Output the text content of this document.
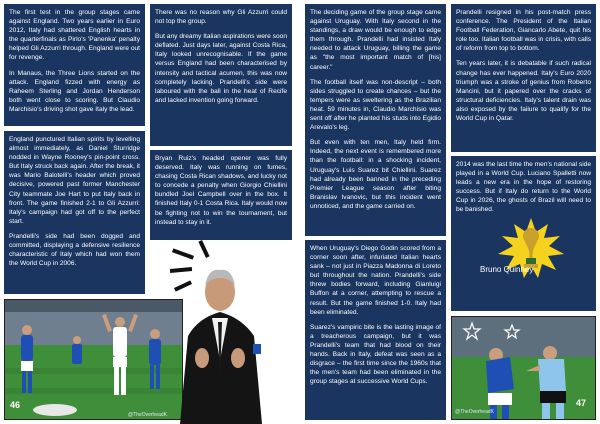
The first test in the group stages came against England. Two years earlier in Euro 2012, Italy had shattered English hearts in the quarterfinals as Pirlo's 'Panenka' penalty helped Gli Azzurri through. England were out for revenge.

In Manaus, the Three Lions started on the attack. England fizzed with energy as Raheem Sterling and Jordan Henderson both went close to scoring. But Claudio Marchisio's driving shot gave Italy the lead.

England punctured Italian spirits by levelling almost immediately, as Daniel Sturridge nodded in Wayne Rooney's pin-point cross. But Italy struck back again. After the break, it was Mario Balotelli's header which proved decisive, powered past former Manchester City teammate Joe Hart to put Italy back in front. The game finished 2-1 to Gli Azzurri: Italy's campaign had got off to the perfect start.

Prandelli's side had been dogged and committed, displaying a defensive resilience characteristic of Italy which had won them the World Cup in 2006.

46
@TheOverheadK

There was no reason why Gli Azzurri could not top the group.

But any dreamy Italian aspirations were soon deflated. Just days later, against Costa Rica, Italy looked unrecognisable. If the game versus England had been characterised by intensity and tactical acumen, this was now completely lacking. Prandelli's side were laboured with the ball in the heat of Recife and lacked invention going forward.

Bryan Ruiz's headed opener was fully deserved. Italy was running on fumes, chasing Costa Rican shadows, and lucky not to concede a penalty when Giorgio Chiellini bundled Joel Campbell over in the box. It finished Italy 0-1 Costa Rica. Italy would now be fighting not to win the tournament, but instead to stay in it.

The deciding game of the group stage came against Uruguay. With Italy second in the standings, a draw would be enough to edge them through. Prandelli had insisted Italy needed to attack Uruguay, billing the game as "the most important match of [his] career."

The football itself was non-descript – both sides struggled to create chances – but the tempers were as sweltering as the Brazilian heat. 59 minutes in, Claudio Marchisio was sent off after he planted his studs into Egidio Arevalo's leg.

But even with ten men, Italy held firm. Indeed, the next event is remembered more than the football: in a shocking incident, Uruguay's Luis Suarez bit Chiellini. Suarez had already been banned in the preceding Premier League season after biting Branislav Ivanovic, but this incident went unnoticed, and the game carried on.

When Uruguay's Diego Godin scored from a corner soon after, infuriated Italian hearts sank – not just in Piazza Madonna di Loreto but throughout the nation. Prandelli's side threw bodies forward, including Gianluigi Buffon at a corner, attempting to rescue a result. But the game finished 1-0. Italy had been eliminated.

Suarez's vampiric bite is the lasting image of a treacherous campaign, but it was Prandelli's team that had blood on their hands. Back in Italy, defeat was seen as a disgrace – the first time since the 1960s that the men's team had been eliminated in the group stages at successive World Cups.

Prandelli resigned in his post-match press conference. The President of the Italian Football Federation, Giancarlo Abete, quit his role too. Italian football was in crisis, with calls of reform from top to bottom.

Ten years later, it is debatable if such radical change has ever happened. Italy's Euro 2020 triumph was a stroke of genius from Roberto Mancini, but it papered over the cracks of structural deficiencies. Italy's talent drain was also exposed by the failure to qualify for the World Cup in Qatar.

2014 was the last time the men's national side played in a World Cup. Luciano Spalletti now leads a new era in the hope of restoring success. But if Italy do return to the World Cup in 2026, the ghosts of Brazil will need to be banished.

Bruno Quinney
@TheOverheadK
47
